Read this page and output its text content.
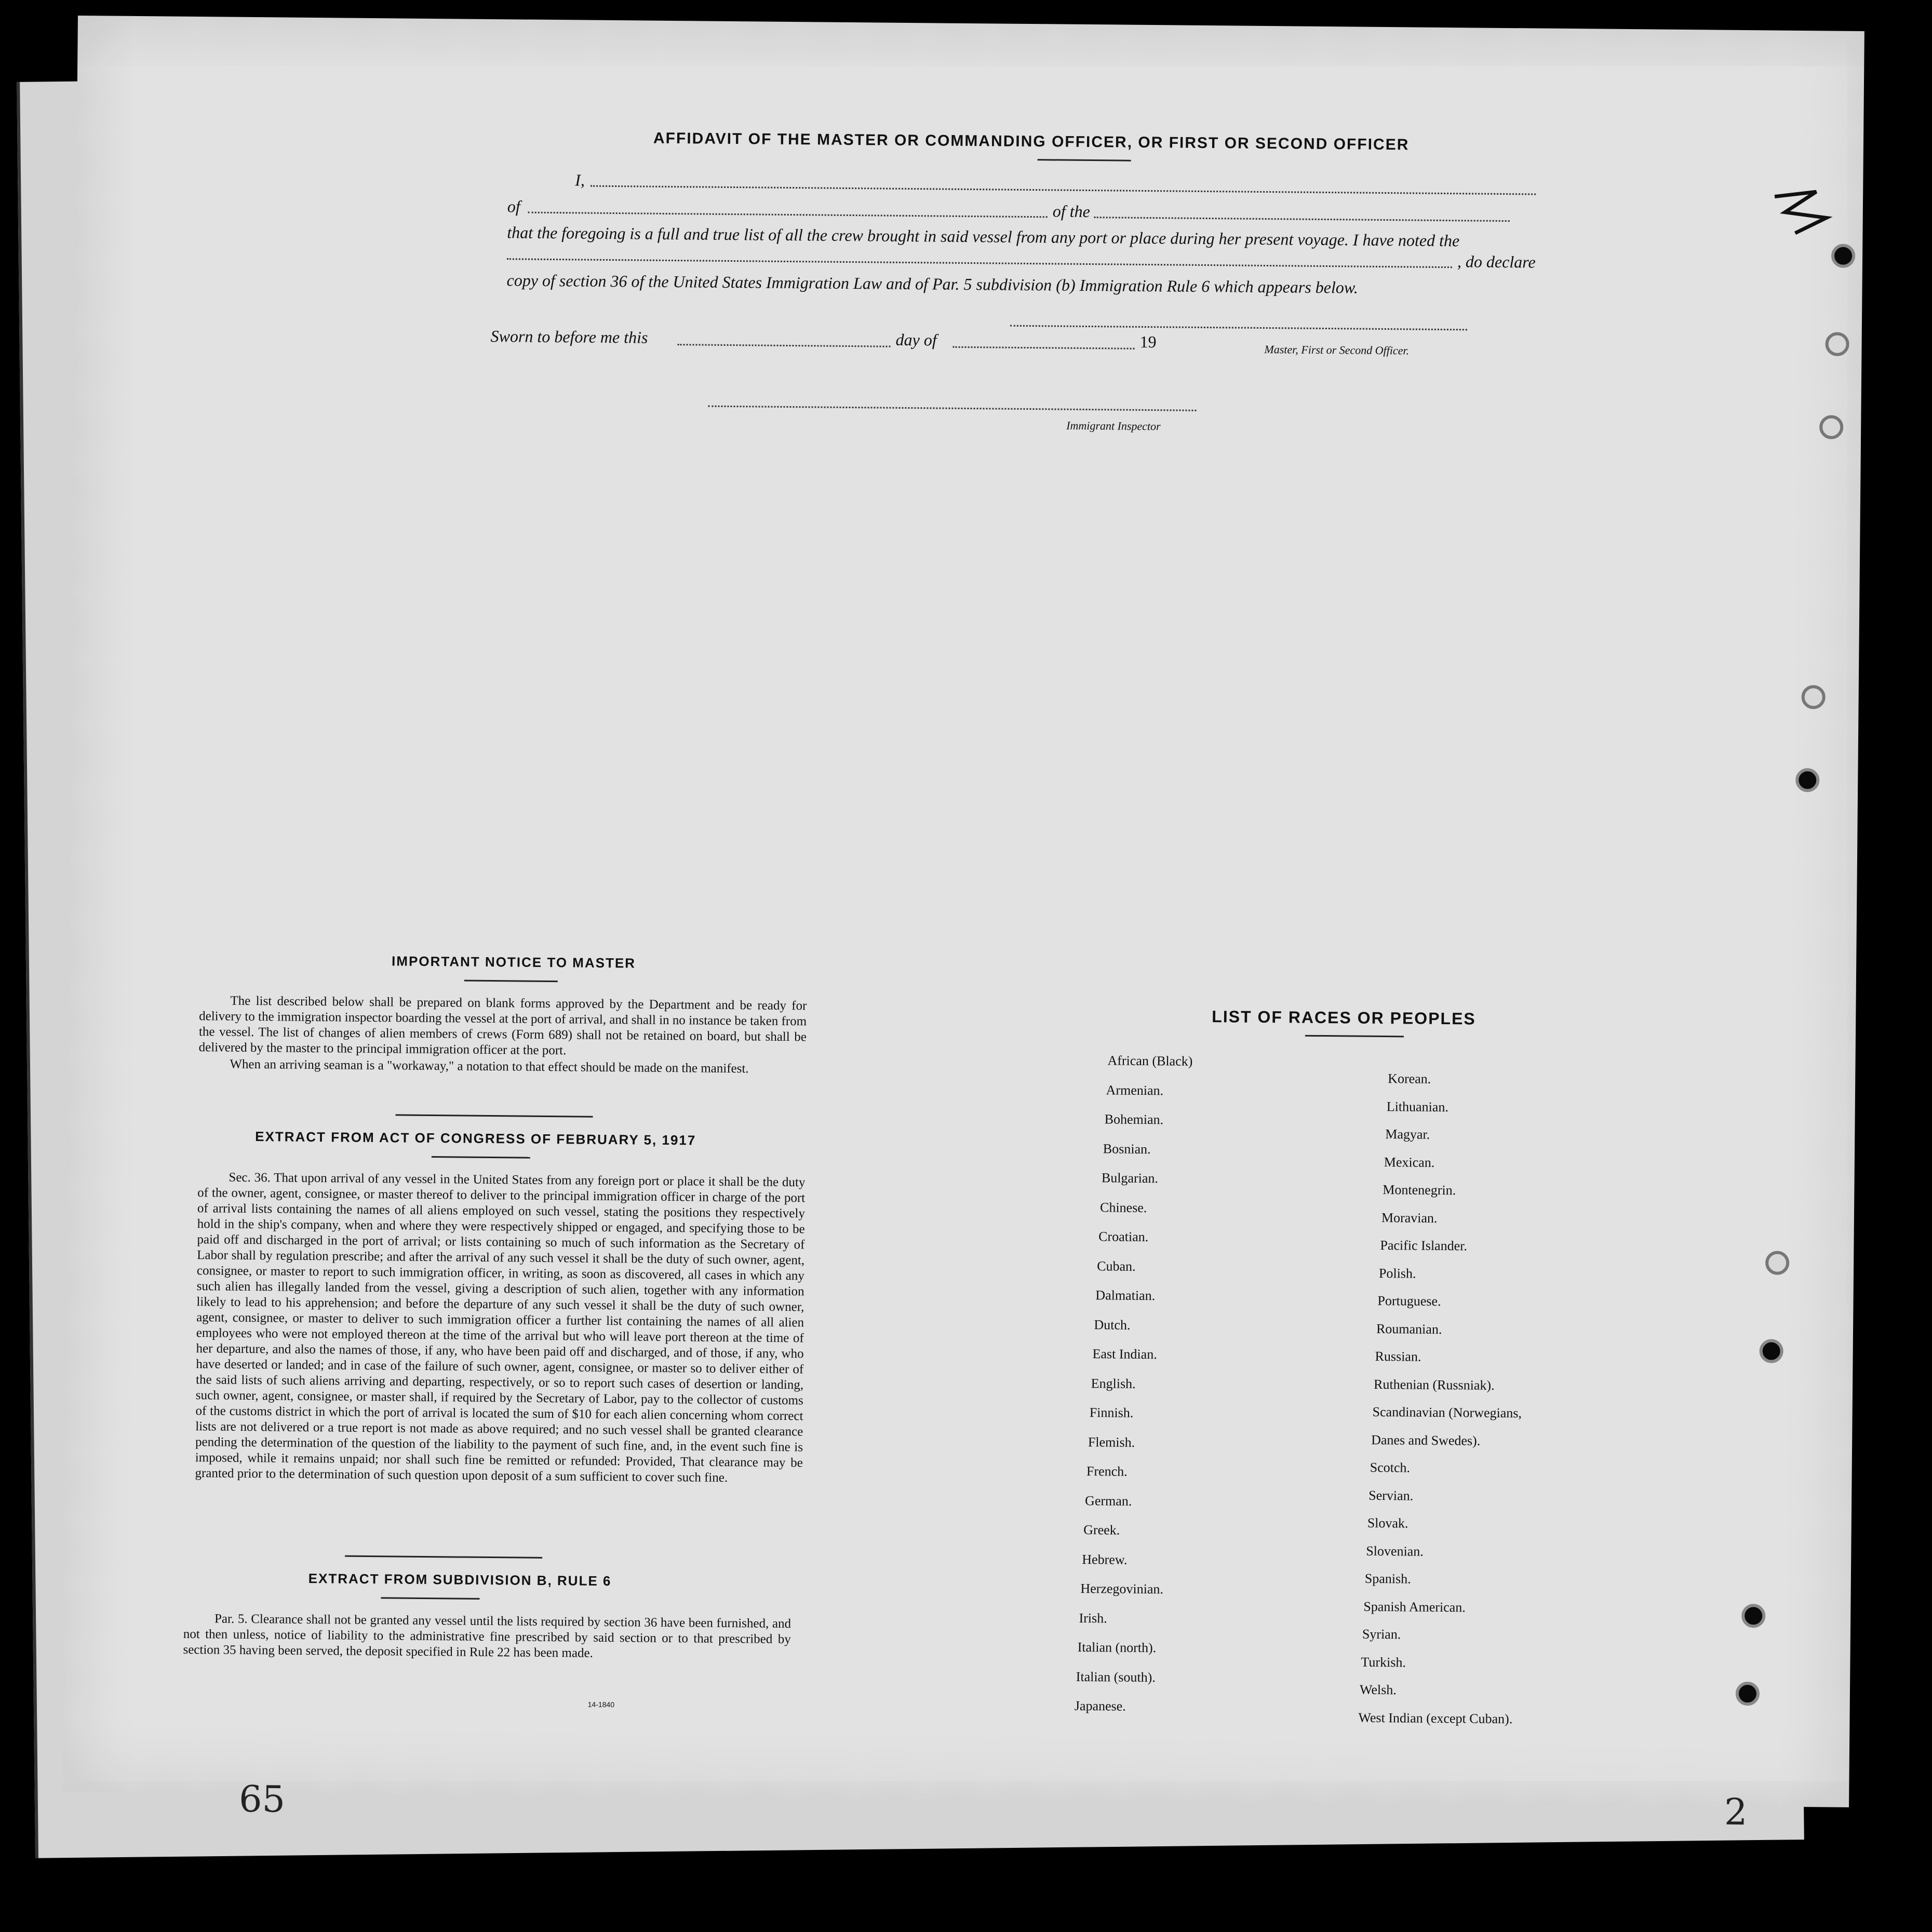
AFFIDAVIT OF THE MASTER OR COMMANDING OFFICER, OR FIRST OR SECOND OFFICER
I,
of	of the
that the foregoing is a full and true list of all the crew brought in said vessel from any port or place during her present voyage. I have noted the
, do declare
copy of section 36 of the United States Immigration Law and of Par. 5 subdivision (b) Immigration Rule 6 which appears below.
Master, First or Second Officer.
Sworn to before me this	day of	19
Immigrant Inspector
IMPORTANT NOTICE TO MASTER
The list described below shall be prepared on blank forms approved by the Department and be ready for delivery to the immigration inspector boarding the vessel at the port of arrival, and shall in no instance be taken from the vessel. The list of changes of alien members of crews (Form 689) shall not be retained on board, but shall be delivered by the master to the principal immigration officer at the port.
When an arriving seaman is a "workaway," a notation to that effect should be made on the manifest.
EXTRACT FROM ACT OF CONGRESS OF FEBRUARY 5, 1917
Sec. 36. That upon arrival of any vessel in the United States from any foreign port or place it shall be the duty of the owner, agent, consignee, or master thereof to deliver to the principal immigration officer in charge of the port of arrival lists containing the names of all aliens employed on such vessel, stating the positions they respectively hold in the ship's company, when and where they were respectively shipped or engaged, and specifying those to be paid off and discharged in the port of arrival; or lists containing so much of such information as the Secretary of Labor shall by regulation prescribe; and after the arrival of any such vessel it shall be the duty of such owner, agent, consignee, or master to report to such immigration officer, in writing, as soon as discovered, all cases in which any such alien has illegally landed from the vessel, giving a description of such alien, together with any information likely to lead to his apprehension; and before the departure of any such vessel it shall be the duty of such owner, agent, consignee, or master to deliver to such immigration officer a further list containing the names of all alien employees who were not employed thereon at the time of the arrival but who will leave port thereon at the time of her departure, and also the names of those, if any, who have been paid off and discharged, and of those, if any, who have deserted or landed; and in case of the failure of such owner, agent, consignee, or master so to deliver either of the said lists of such aliens arriving and departing, respectively, or so to report such cases of desertion or landing, such owner, agent, consignee, or master shall, if required by the Secretary of Labor, pay to the collector of customs of the customs district in which the port of arrival is located the sum of $10 for each alien concerning whom correct lists are not delivered or a true report is not made as above required; and no such vessel shall be granted clearance pending the determination of the question of the liability to the payment of such fine, and, in the event such fine is imposed, while it remains unpaid; nor shall such fine be remitted or refunded: Provided, That clearance may be granted prior to the determination of such question upon deposit of a sum sufficient to cover such fine.
EXTRACT FROM SUBDIVISION B, RULE 6
Par. 5. Clearance shall not be granted any vessel until the lists required by section 36 have been furnished, and not then unless, notice of liability to the administrative fine prescribed by said section or to that prescribed by section 35 having been served, the deposit specified in Rule 22 has been made.
14-1840
LIST OF RACES OR PEOPLES
African (Black)
Armenian.
Bohemian.
Bosnian.
Bulgarian.
Chinese.
Croatian.
Cuban.
Dalmatian.
Dutch.
East Indian.
English.
Finnish.
Flemish.
French.
German.
Greek.
Hebrew.
Herzegovinian.
Irish.
Italian (north).
Italian (south).
Japanese.
Korean.
Lithuanian.
Magyar.
Mexican.
Montenegrin.
Moravian.
Pacific Islander.
Polish.
Portuguese.
Roumanian.
Russian.
Ruthenian (Russniak).
Scandinavian (Norwegians,
Danes and Swedes).
Scotch.
Servian.
Slovak.
Slovenian.
Spanish.
Spanish American.
Syrian.
Turkish.
Welsh.
West Indian (except Cuban).
65	2
